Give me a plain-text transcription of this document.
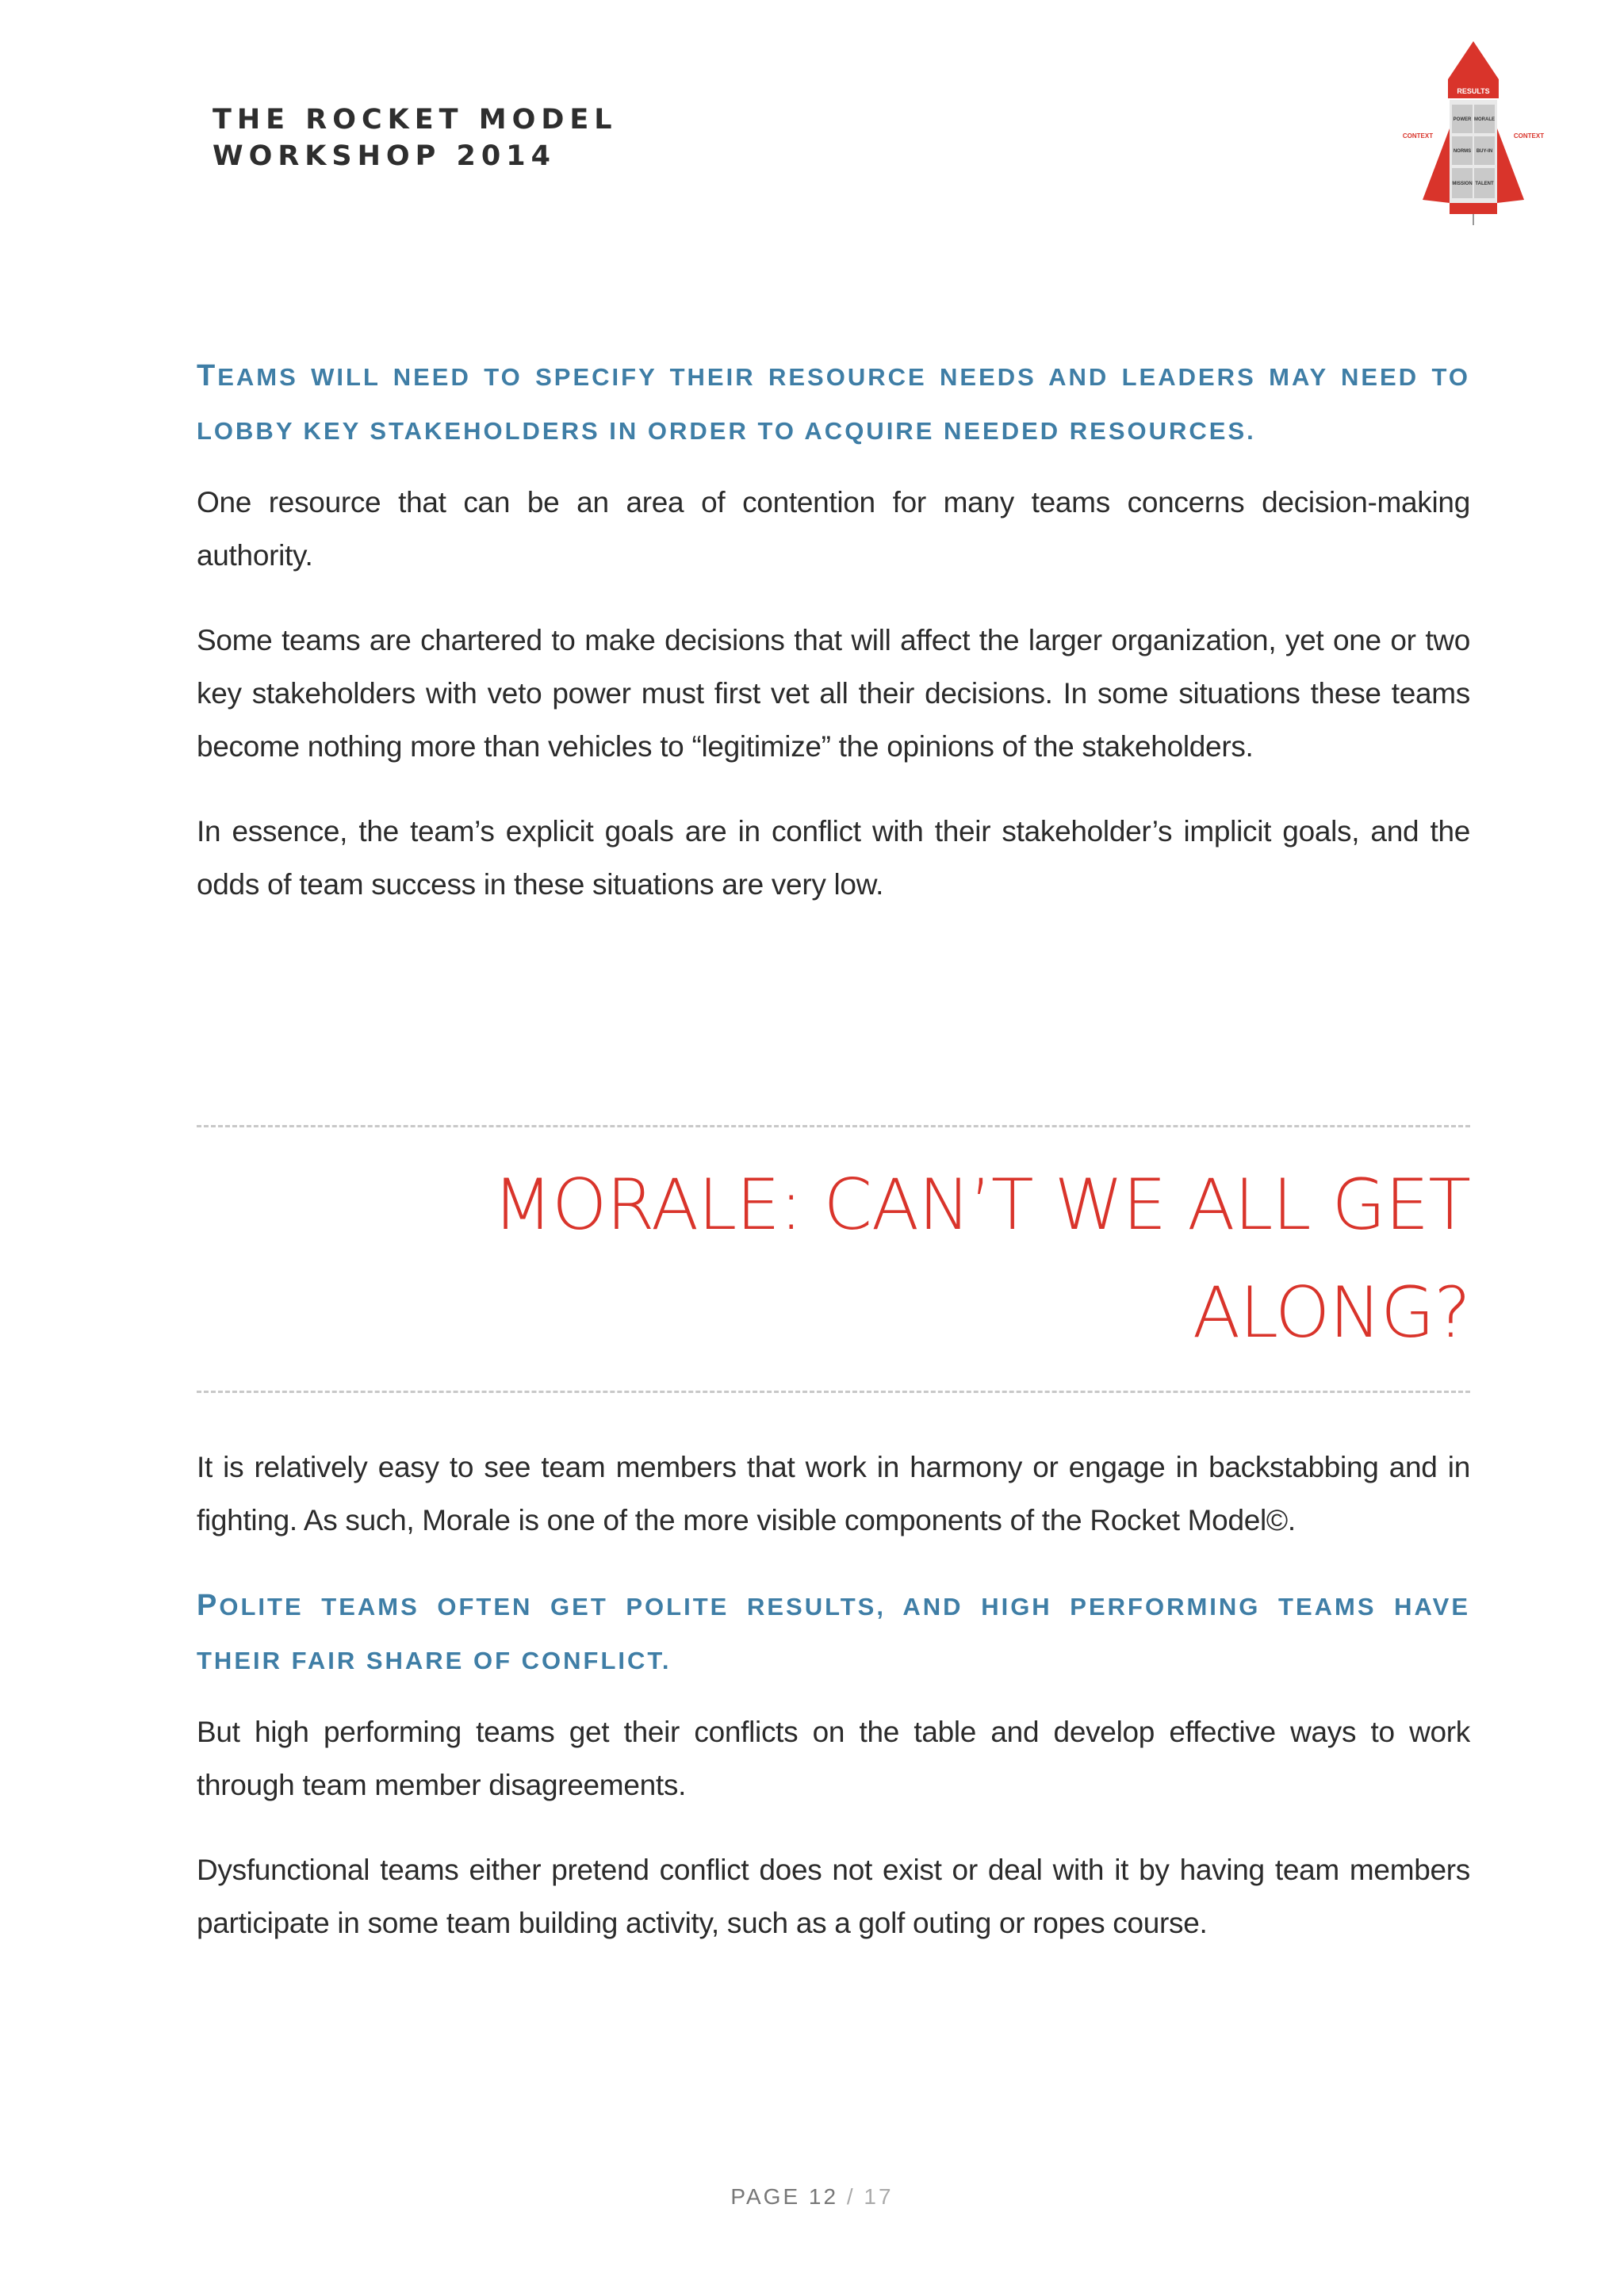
THE ROCKET MODEL
WORKSHOP 2014
RESULTS
POWER MORALE
NORMS BUY-IN
MISSION TALENT
CONTEXT	CONTEXT
TEAMS WILL NEED TO SPECIFY THEIR RESOURCE NEEDS AND LEADERS MAY NEED TO LOBBY KEY STAKEHOLDERS IN ORDER TO ACQUIRE NEEDED RESOURCES.

One resource that can be an area of contention for many teams concerns decision-making authority.

Some teams are chartered to make decisions that will affect the larger organization, yet one or two key stakeholders with veto power must first vet all their decisions. In some situations these teams become nothing more than vehicles to “legitimize” the opinions of the stakeholders.

In essence, the team’s explicit goals are in conflict with their stakeholder’s implicit goals, and the odds of team success in these situations are very low.

MORALE: CAN’T WE ALL GET
ALONG?

It is relatively easy to see team members that work in harmony or engage in backstabbing and in fighting. As such, Morale is one of the more visible components of the Rocket Model©.

POLITE TEAMS OFTEN GET POLITE RESULTS, AND HIGH PERFORMING TEAMS HAVE THEIR FAIR SHARE OF CONFLICT.

But high performing teams get their conflicts on the table and develop effective ways to work through team member disagreements.

Dysfunctional teams either pretend conflict does not exist or deal with it by having team members participate in some team building activity, such as a golf outing or ropes course.

PAGE 12 / 17
